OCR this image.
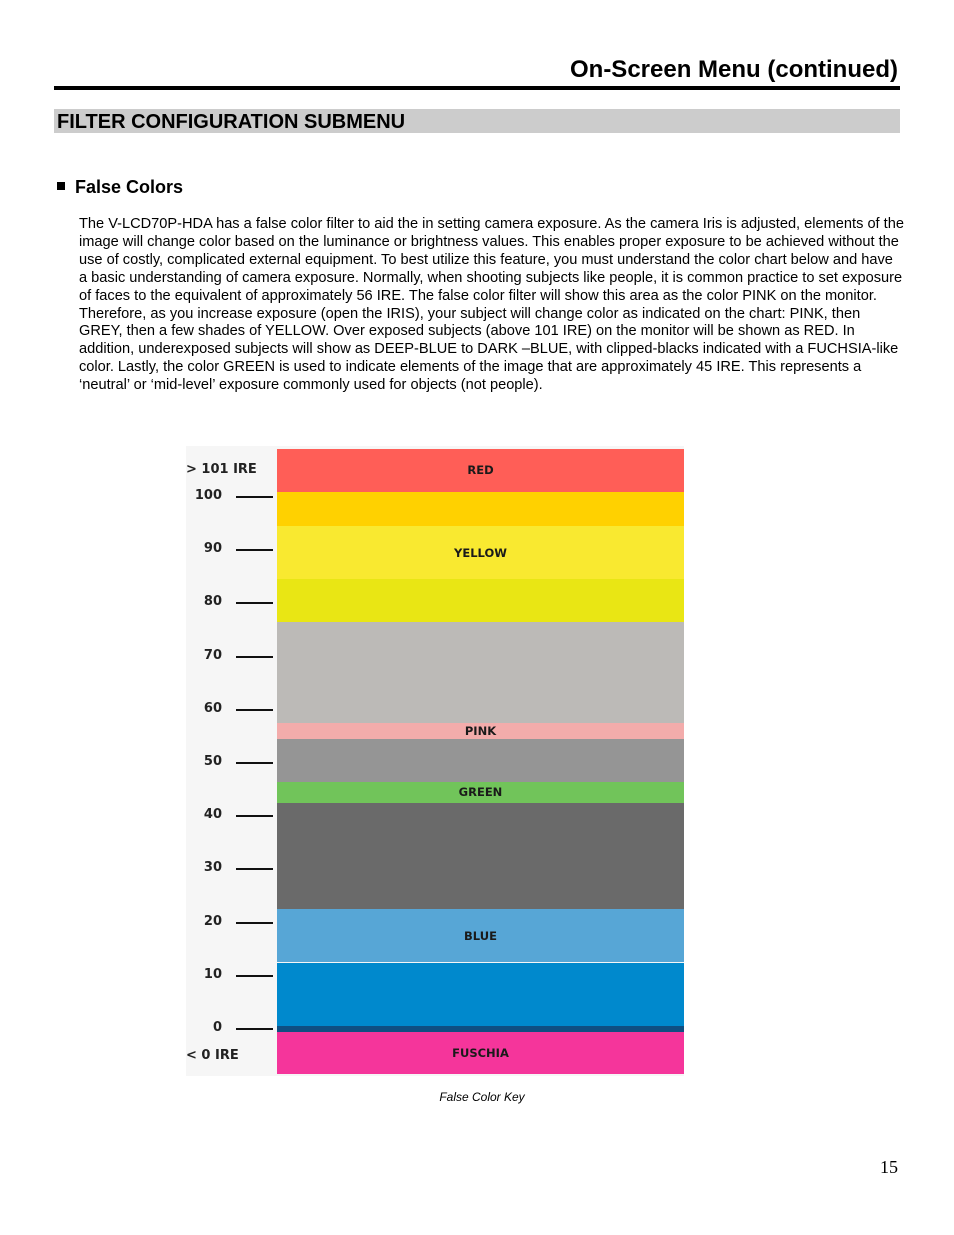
On-Screen Menu (continued)
FILTER CONFIGURATION SUBMENU
False Colors

The V-LCD70P-HDA has a false color filter to aid the in setting camera exposure. As the camera Iris is adjusted, elements of the image will change color based on the luminance or brightness values. This enables proper exposure to be achieved without the use of costly, complicated external equipment. To best utilize this feature, you must understand the color chart below and have a basic understanding of camera exposure. Normally, when shooting subjects like people, it is common practice to set exposure of faces to the equivalent of approximately 56 IRE. The false color filter will show this area as the color PINK on the monitor. Therefore, as you increase exposure (open the IRIS), your subject will change color as indicated on the chart: PINK, then GREY, then a few shades of YELLOW. Over exposed subjects (above 101 IRE) on the monitor will be shown as RED. In addition, underexposed subjects will show as DEEP-BLUE to DARK –BLUE, with clipped-blacks indicated with a FUCHSIA-like color. Lastly, the color GREEN is used to indicate elements of the image that are approximately 45 IRE. This represents a ‘neutral’ or ‘mid-level’ exposure commonly used for objects (not people).

> 101 IRE
< 0 IRE
RED
YELLOW
PINK
GREEN
BLUE
FUSCHIA
100
90
80
70
60
50
40
30
20
10
0
False Color Key
15
